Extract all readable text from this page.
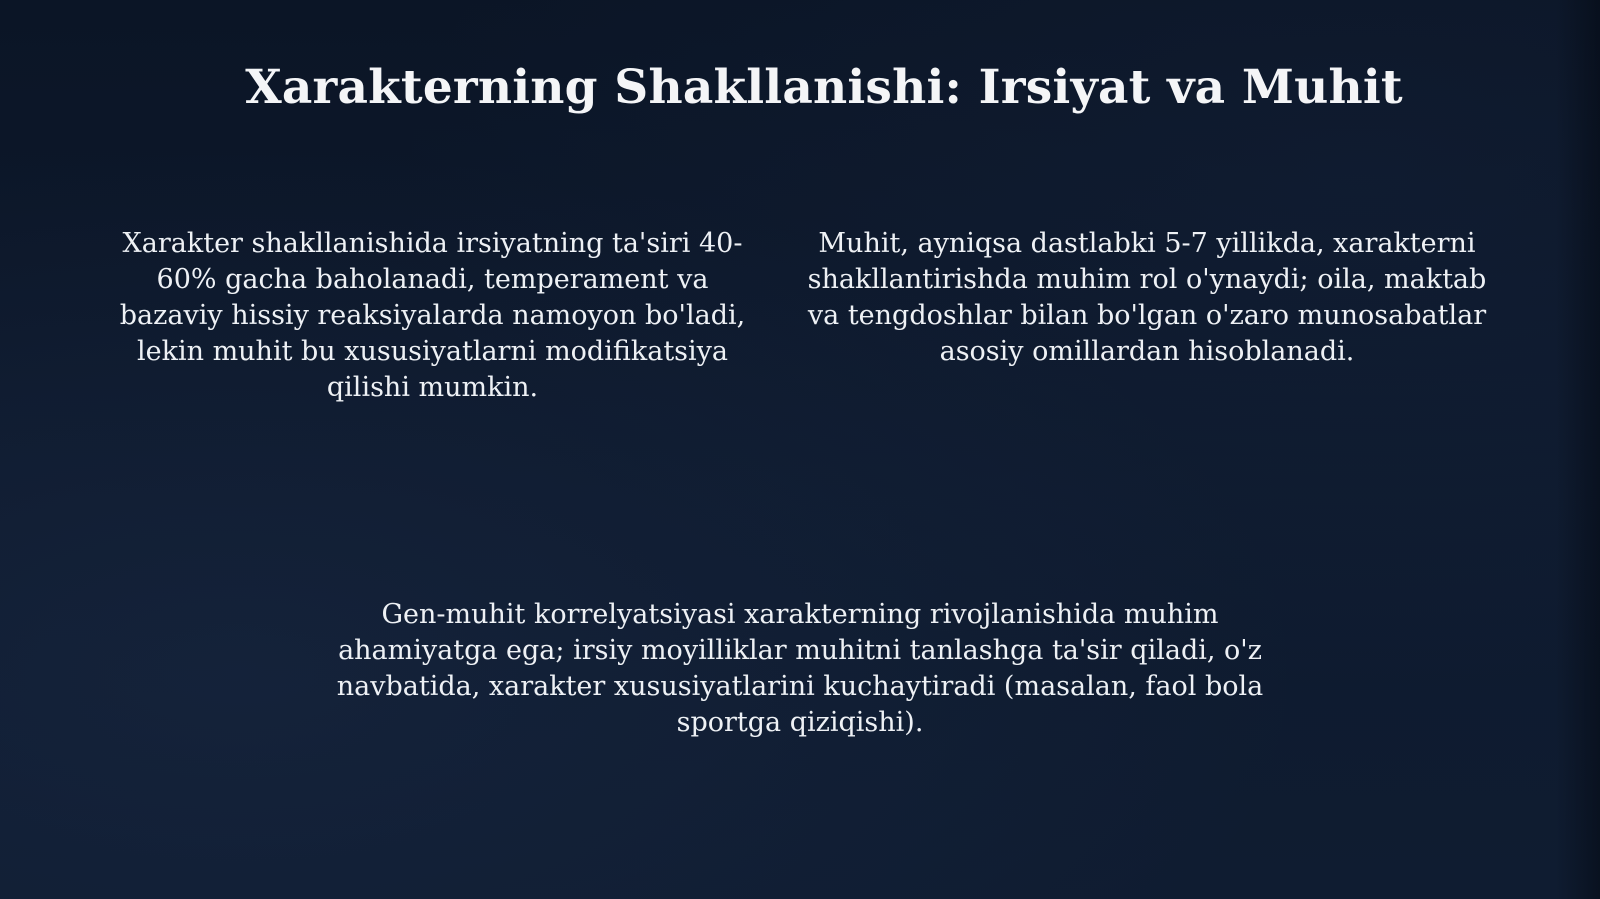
Xarakterning Shakllanishi: Irsiyat va Muhit

Xarakter shakllanishida irsiyatning ta'siri 40-60% gacha baholanadi, temperament va bazaviy hissiy reaksiyalarda namoyon bo'ladi, lekin muhit bu xususiyatlarni modifikatsiya qilishi mumkin.

Muhit, ayniqsa dastlabki 5-7 yillikda, xarakterni shakllantirishda muhim rol o'ynaydi; oila, maktab va tengdoshlar bilan bo'lgan o'zaro munosabatlar asosiy omillardan hisoblanadi.

Gen-muhit korrelyatsiyasi xarakterning rivojlanishida muhim ahamiyatga ega; irsiy moyilliklar muhitni tanlashga ta'sir qiladi, o'z navbatida, xarakter xususiyatlarini kuchaytiradi (masalan, faol bola sportga qiziqishi).
